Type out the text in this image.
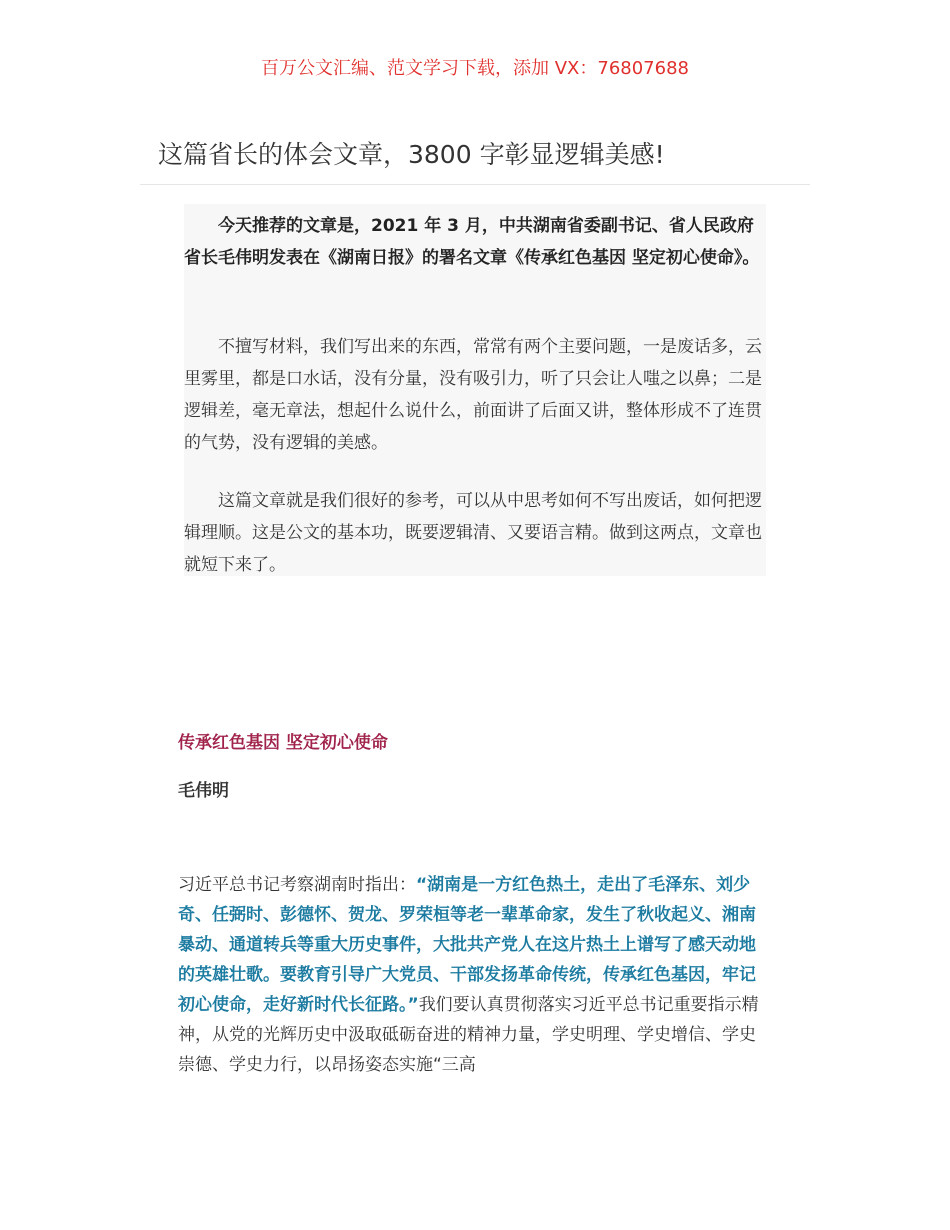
百万公文汇编、范文学习下载，添加 VX：76807688
这篇省长的体会文章，3800 字彰显逻辑美感!

今天推荐的文章是，2021 年 3 月，中共湖南省委副书记、省人民政府省长毛伟明发表在《湖南日报》的署名文章《传承红色基因 坚定初心使命》。

不擅写材料，我们写出来的东西，常常有两个主要问题，一是废话多，云里雾里，都是口水话，没有分量，没有吸引力，听了只会让人嗤之以鼻；二是逻辑差，毫无章法，想起什么说什么，前面讲了后面又讲，整体形成不了连贯的气势，没有逻辑的美感。

这篇文章就是我们很好的参考，可以从中思考如何不写出废话，如何把逻辑理顺。这是公文的基本功，既要逻辑清、又要语言精。做到这两点，文章也就短下来了。

传承红色基因 坚定初心使命
毛伟明

习近平总书记考察湖南时指出：“湖南是一方红色热土，走出了毛泽东、刘少奇、任弼时、彭德怀、贺龙、罗荣桓等老一辈革命家，发生了秋收起义、湘南暴动、通道转兵等重大历史事件，大批共产党人在这片热土上谱写了感天动地的英雄壮歌。要教育引导广大党员、干部发扬革命传统，传承红色基因，牢记初心使命，走好新时代长征路。”我们要认真贯彻落实习近平总书记重要指示精神，从党的光辉历史中汲取砥砺奋进的精神力量，学史明理、学史增信、学史崇德、学史力行，以昂扬姿态实施“三高
